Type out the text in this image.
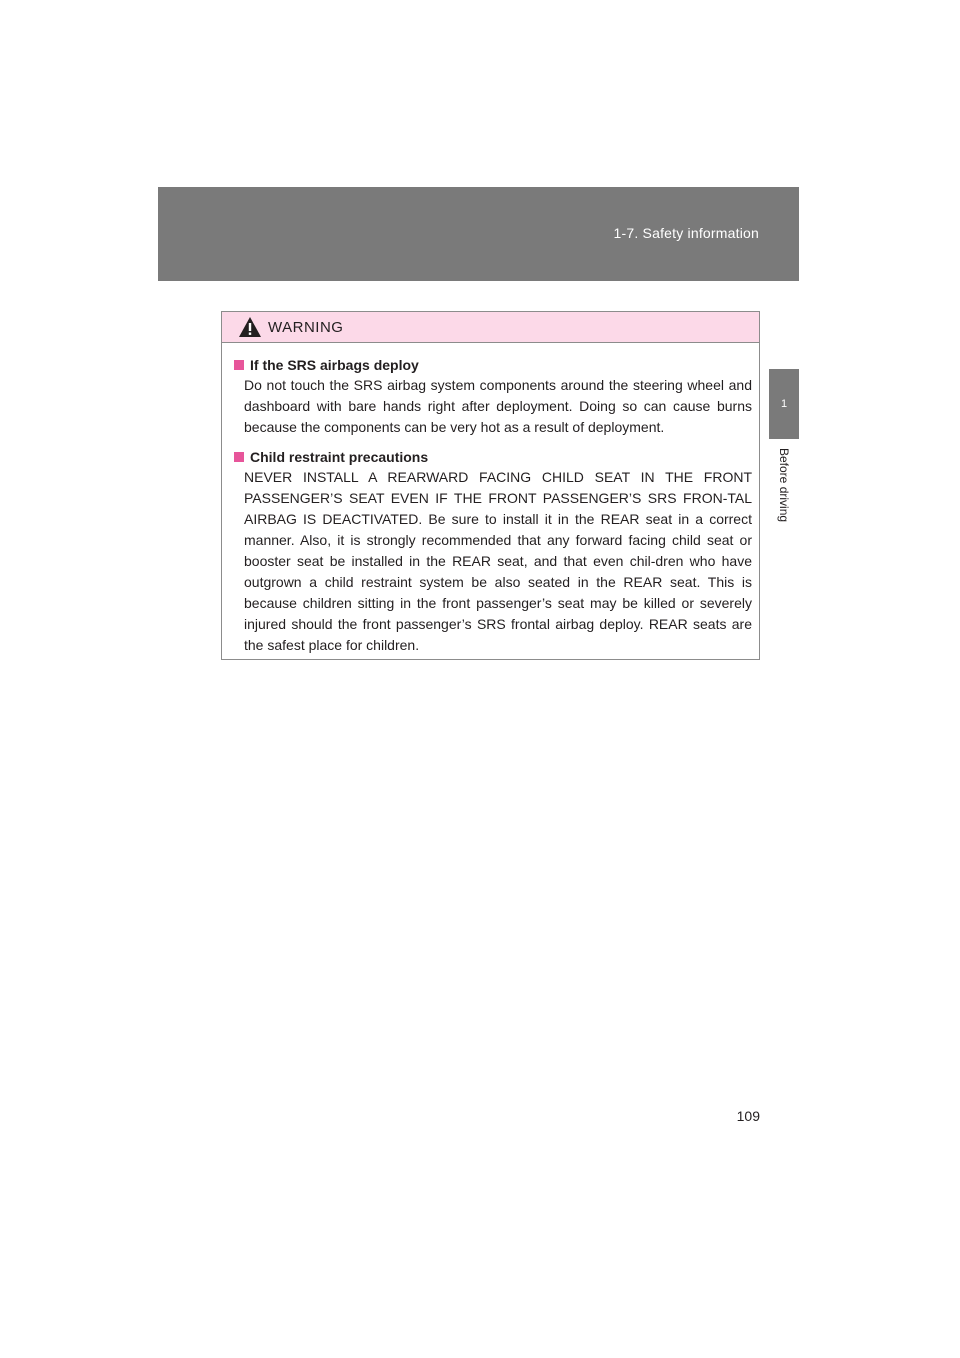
1-7. Safety information
1
Before driving
WARNING
If the SRS airbags deploy
Do not touch the SRS airbag system components around the steering wheel and dashboard with bare hands right after deployment. Doing so can cause burns because the components can be very hot as a result of deployment.
Child restraint precautions
NEVER INSTALL A REARWARD FACING CHILD SEAT IN THE FRONT PASSENGER’S SEAT EVEN IF THE FRONT PASSENGER’S SRS FRON-TAL AIRBAG IS DEACTIVATED. Be sure to install it in the REAR seat in a correct manner. Also, it is strongly recommended that any forward facing child seat or booster seat be installed in the REAR seat, and that even chil-dren who have outgrown a child restraint system be also seated in the REAR seat. This is because children sitting in the front passenger’s seat may be killed or severely injured should the front passenger’s SRS frontal airbag deploy. REAR seats are the safest place for children.
109
